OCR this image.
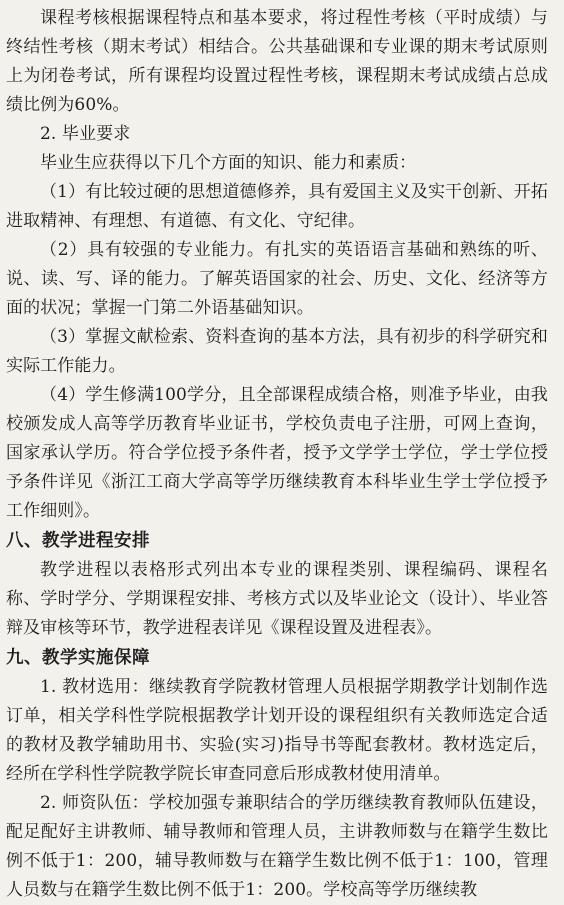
课程考核根据课程特点和基本要求，将过程性考核（平时成绩）与终结性考核（期末考试）相结合。公共基础课和专业课的期末考试原则上为闭卷考试，所有课程均设置过程性考核，课程期末考试成绩占总成绩比例为60%。

2. 毕业要求

毕业生应获得以下几个方面的知识、能力和素质：

（1）有比较过硬的思想道德修养，具有爱国主义及实干创新、开拓进取精神、有理想、有道德、有文化、守纪律。

（2）具有较强的专业能力。有扎实的英语语言基础和熟练的听、说、读、写、译的能力。了解英语国家的社会、历史、文化、经济等方面的状况；掌握一门第二外语基础知识。

（3）掌握文献检索、资料查询的基本方法，具有初步的科学研究和实际工作能力。

（4）学生修满100学分，且全部课程成绩合格，则准予毕业，由我校颁发成人高等学历教育毕业证书，学校负责电子注册，可网上查询，国家承认学历。符合学位授予条件者，授予文学学士学位，学士学位授予条件详见《浙江工商大学高等学历继续教育本科毕业生学士学位授予工作细则》。

八、教学进程安排

教学进程以表格形式列出本专业的课程类别、课程编码、课程名称、学时学分、学期课程安排、考核方式以及毕业论文（设计）、毕业答辩及审核等环节，教学进程表详见《课程设置及进程表》。

九、教学实施保障

1. 教材选用：继续教育学院教材管理人员根据学期教学计划制作选订单，相关学科性学院根据教学计划开设的课程组织有关教师选定合适的教材及教学辅助用书、实验(实习)指导书等配套教材。教材选定后，经所在学科性学院教学院长审查同意后形成教材使用清单。

2. 师资队伍：学校加强专兼职结合的学历继续教育教师队伍建设，配足配好主讲教师、辅导教师和管理人员，主讲教师数与在籍学生数比例不低于1：200，辅导教师数与在籍学生数比例不低于1：100，管理人员数与在籍学生数比例不低于1：200。学校高等学历继续教
